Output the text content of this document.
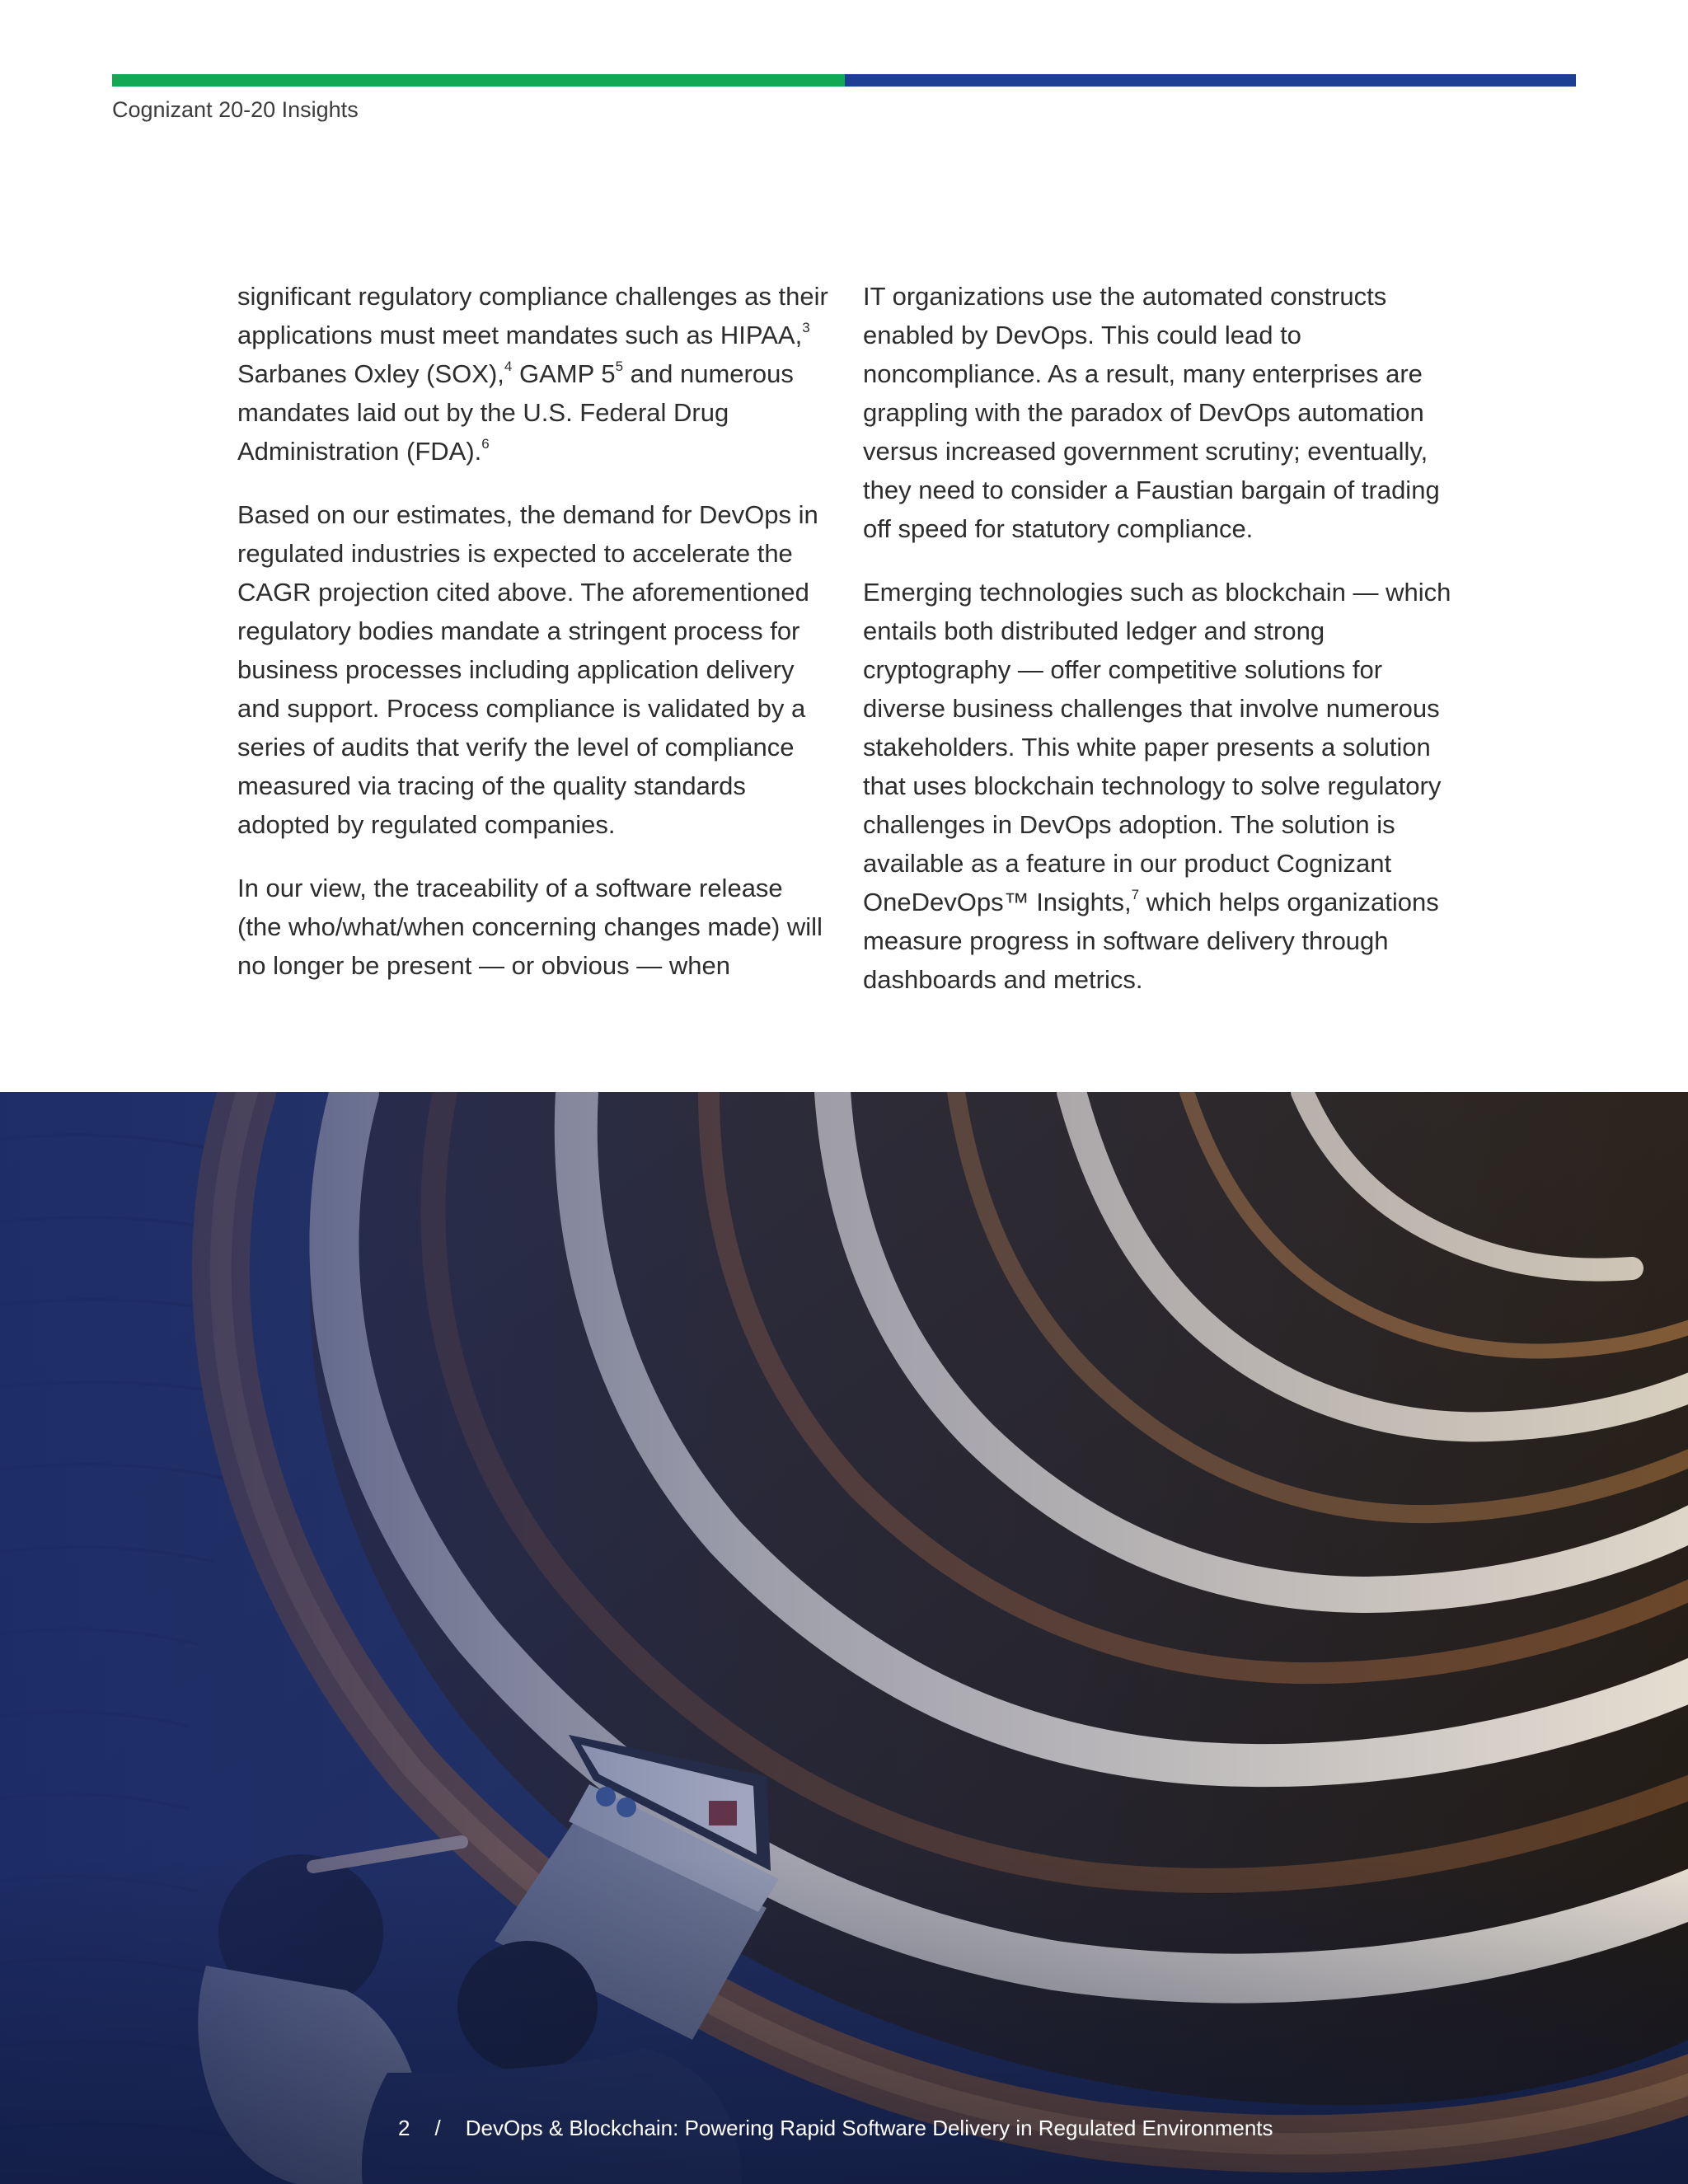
Cognizant 20-20 Insights

significant regulatory compliance challenges as their applications must meet mandates such as HIPAA,$^3$ Sarbanes Oxley (SOX),$^4$ GAMP $5^5$ and numerous mandates laid out by the U.S. Federal Drug Administration (FDA).$^6$

Based on our estimates, the demand for DevOps in regulated industries is expected to accelerate the CAGR projection cited above. The aforementioned regulatory bodies mandate a stringent process for business processes including application delivery and support. Process compliance is validated by a series of audits that verify the level of compliance measured via tracing of the quality standards adopted by regulated companies.

In our view, the traceability of a software release (the who/what/when concerning changes made) will no longer be present — or obvious — when

IT organizations use the automated constructs enabled by DevOps. This could lead to noncompliance. As a result, many enterprises are grappling with the paradox of DevOps automation versus increased government scrutiny; eventually, they need to consider a Faustian bargain of trading off speed for statutory compliance.

Emerging technologies such as blockchain — which entails both distributed ledger and strong cryptography — offer competitive solutions for diverse business challenges that involve numerous stakeholders. This white paper presents a solution that uses blockchain technology to solve regulatory challenges in DevOps adoption. The solution is available as a feature in our product Cognizant OneDevOps™ Insights,$^7$ which helps organizations measure progress in software delivery through dashboards and metrics.

2 / DevOps & Blockchain: Powering Rapid Software Delivery in Regulated Environments
